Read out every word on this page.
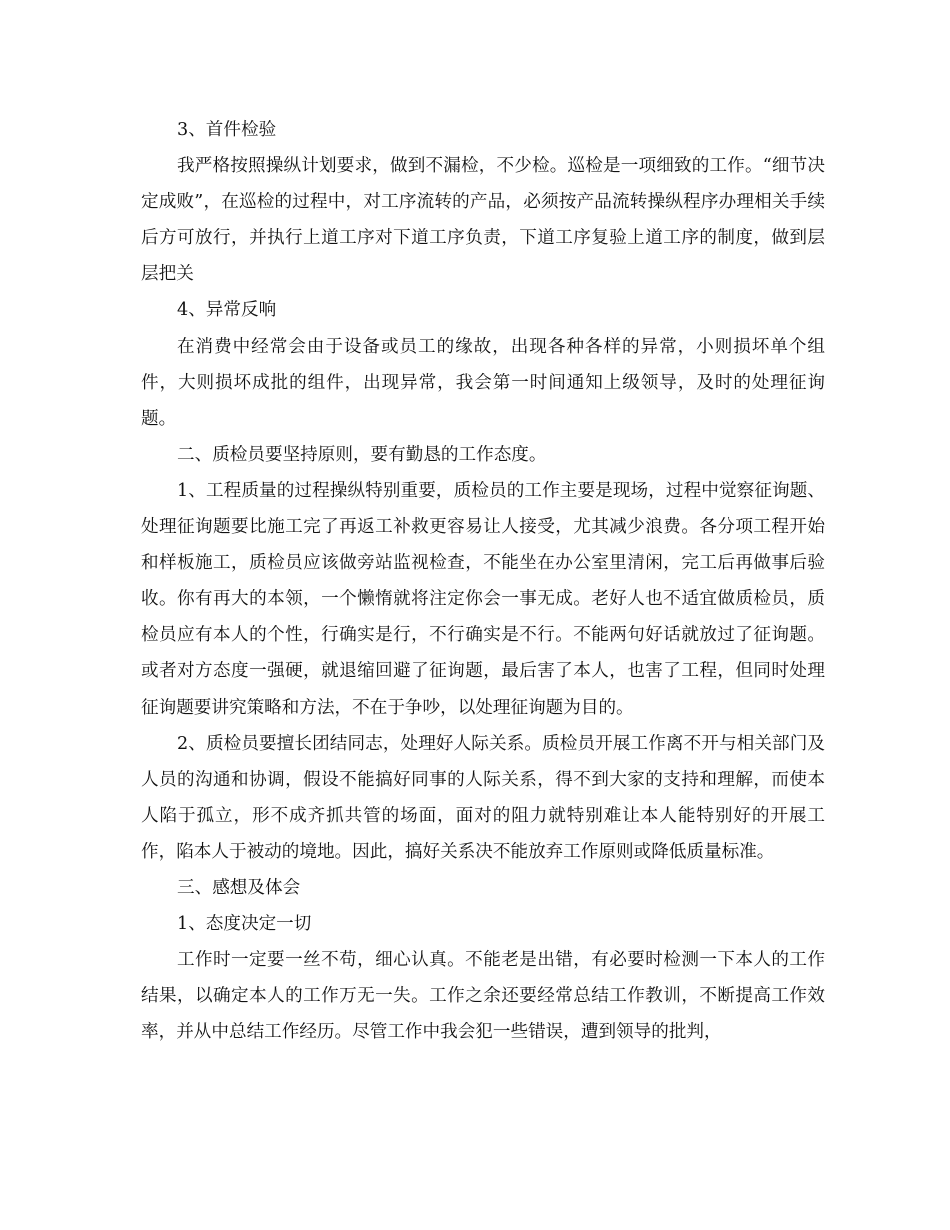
3、首件检验

我严格按照操纵计划要求，做到不漏检，不少检。巡检是一项细致的工作。“细节决定成败”，在巡检的过程中，对工序流转的产品，必须按产品流转操纵程序办理相关手续后方可放行，并执行上道工序对下道工序负责，下道工序复验上道工序的制度，做到层层把关

4、异常反响

在消费中经常会由于设备或员工的缘故，出现各种各样的异常，小则损坏单个组件，大则损坏成批的组件，出现异常，我会第一时间通知上级领导，及时的处理征询题。

二、质检员要坚持原则，要有勤恳的工作态度。

1、工程质量的过程操纵特别重要，质检员的工作主要是现场，过程中觉察征询题、处理征询题要比施工完了再返工补救更容易让人接受，尤其减少浪费。各分项工程开始和样板施工，质检员应该做旁站监视检查，不能坐在办公室里清闲，完工后再做事后验收。你有再大的本领，一个懒惰就将注定你会一事无成。老好人也不适宜做质检员，质检员应有本人的个性，行确实是行，不行确实是不行。不能两句好话就放过了征询题。或者对方态度一强硬，就退缩回避了征询题，最后害了本人，也害了工程，但同时处理征询题要讲究策略和方法，不在于争吵，以处理征询题为目的。

2、质检员要擅长团结同志，处理好人际关系。质检员开展工作离不开与相关部门及人员的沟通和协调，假设不能搞好同事的人际关系，得不到大家的支持和理解，而使本人陷于孤立，形不成齐抓共管的场面，面对的阻力就特别难让本人能特别好的开展工作，陷本人于被动的境地。因此，搞好关系决不能放弃工作原则或降低质量标准。

三、感想及体会

1、态度决定一切

工作时一定要一丝不苟，细心认真。不能老是出错，有必要时检测一下本人的工作结果，以确定本人的工作万无一失。工作之余还要经常总结工作教训，不断提高工作效率，并从中总结工作经历。尽管工作中我会犯一些错误，遭到领导的批判，
